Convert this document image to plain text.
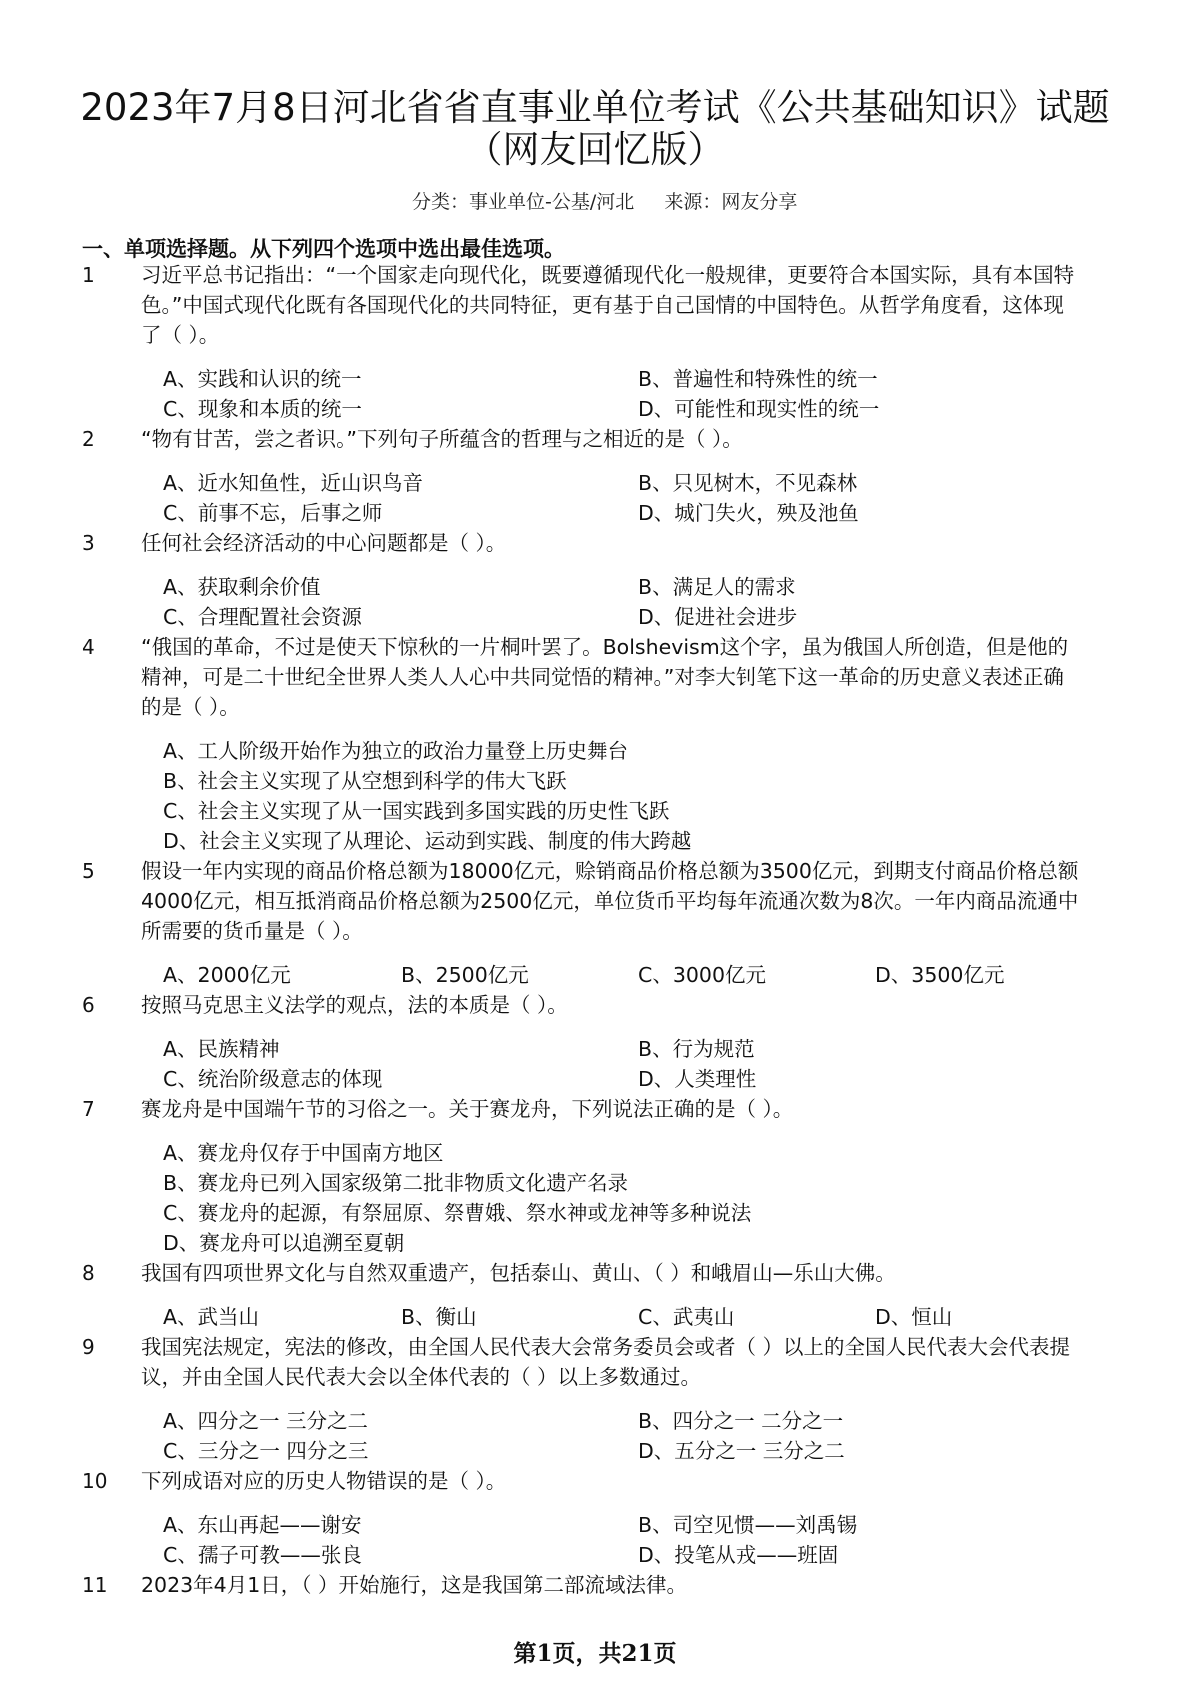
2023年7月8日河北省省直事业单位考试《公共基础知识》试题
（网友回忆版）
分类：事业单位-公基/河北 来源：网友分享
一、单项选择题。从下列四个选项中选出最佳选项。
1 习近平总书记指出：“一个国家走向现代化，既要遵循现代化一般规律，更要符合本国实际，具有本国特色。”中国式现代化既有各国现代化的共同特征，更有基于自己国情的中国特色。从哲学角度看，这体现了（ ）。
A、实践和认识的统一	B、普遍性和特殊性的统一
C、现象和本质的统一	D、可能性和现实性的统一
2 “物有甘苦，尝之者识。”下列句子所蕴含的哲理与之相近的是（ ）。
A、近水知鱼性，近山识鸟音	B、只见树木，不见森林
C、前事不忘，后事之师	D、城门失火，殃及池鱼
3 任何社会经济活动的中心问题都是（ ）。
A、获取剩余价值	B、满足人的需求
C、合理配置社会资源	D、促进社会进步
4 “俄国的革命，不过是使天下惊秋的一片桐叶罢了。Bolshevism这个字，虽为俄国人所创造，但是他的精神，可是二十世纪全世界人类人人心中共同觉悟的精神。”对李大钊笔下这一革命的历史意义表述正确的是（ ）。
A、工人阶级开始作为独立的政治力量登上历史舞台
B、社会主义实现了从空想到科学的伟大飞跃
C、社会主义实现了从一国实践到多国实践的历史性飞跃
D、社会主义实现了从理论、运动到实践、制度的伟大跨越
5 假设一年内实现的商品价格总额为18000亿元，赊销商品价格总额为3500亿元，到期支付商品价格总额4000亿元，相互抵消商品价格总额为2500亿元，单位货币平均每年流通次数为8次。一年内商品流通中所需要的货币量是（ ）。
A、2000亿元	B、2500亿元	C、3000亿元	D、3500亿元
6 按照马克思主义法学的观点，法的本质是（ ）。
A、民族精神	B、行为规范
C、统治阶级意志的体现	D、人类理性
7 赛龙舟是中国端午节的习俗之一。关于赛龙舟，下列说法正确的是（ ）。
A、赛龙舟仅存于中国南方地区
B、赛龙舟已列入国家级第二批非物质文化遗产名录
C、赛龙舟的起源，有祭屈原、祭曹娥、祭水神或龙神等多种说法
D、赛龙舟可以追溯至夏朝
8 我国有四项世界文化与自然双重遗产，包括泰山、黄山、（ ）和峨眉山—乐山大佛。
A、武当山	B、衡山	C、武夷山	D、恒山
9 我国宪法规定，宪法的修改，由全国人民代表大会常务委员会或者（ ）以上的全国人民代表大会代表提议，并由全国人民代表大会以全体代表的（ ）以上多数通过。
A、四分之一 三分之二	B、四分之一 二分之一
C、三分之一 四分之三	D、五分之一 三分之二
10 下列成语对应的历史人物错误的是（ ）。
A、东山再起——谢安	B、司空见惯——刘禹锡
C、孺子可教——张良	D、投笔从戎——班固
11 2023年4月1日，（ ）开始施行，这是我国第二部流域法律。
第1页，共21页
